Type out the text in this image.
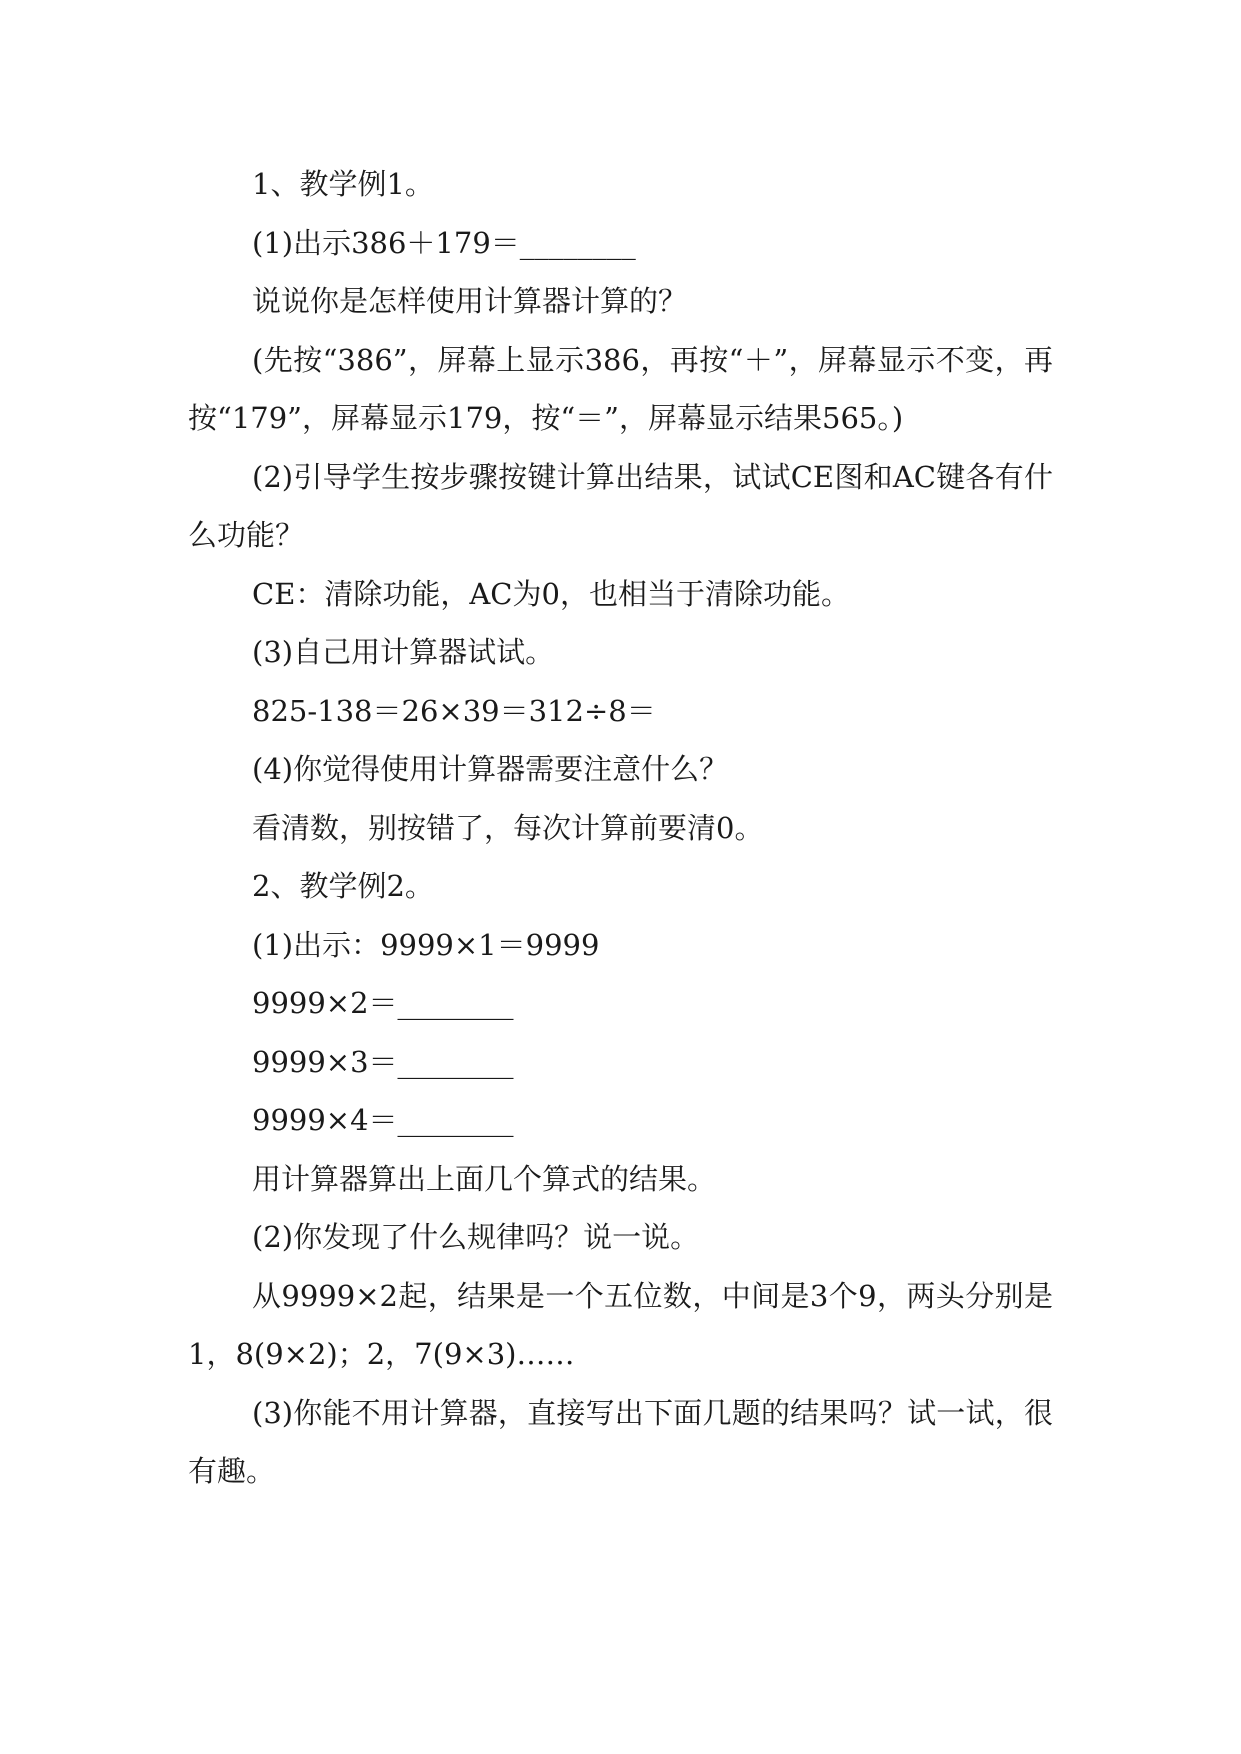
1、教学例1。

(1)出示386＋179＝________

说说你是怎样使用计算器计算的？

(先按“386”，屏幕上显示386，再按“＋”，屏幕显示不变，再按“179”，屏幕显示179，按“＝”，屏幕显示结果565。)

(2)引导学生按步骤按键计算出结果，试试CE图和AC键各有什么功能？

CE：清除功能，AC为0，也相当于清除功能。

(3)自己用计算器试试。

825-138＝26×39＝312÷8＝

(4)你觉得使用计算器需要注意什么？

看清数，别按错了，每次计算前要清0。

2、教学例2。

(1)出示：9999×1＝9999

9999×2＝________

9999×3＝________

9999×4＝________

用计算器算出上面几个算式的结果。

(2)你发现了什么规律吗？说一说。

从9999×2起，结果是一个五位数，中间是3个9，两头分别是1，8(9×2)；2，7(9×3)……

(3)你能不用计算器，直接写出下面几题的结果吗？试一试，很有趣。
